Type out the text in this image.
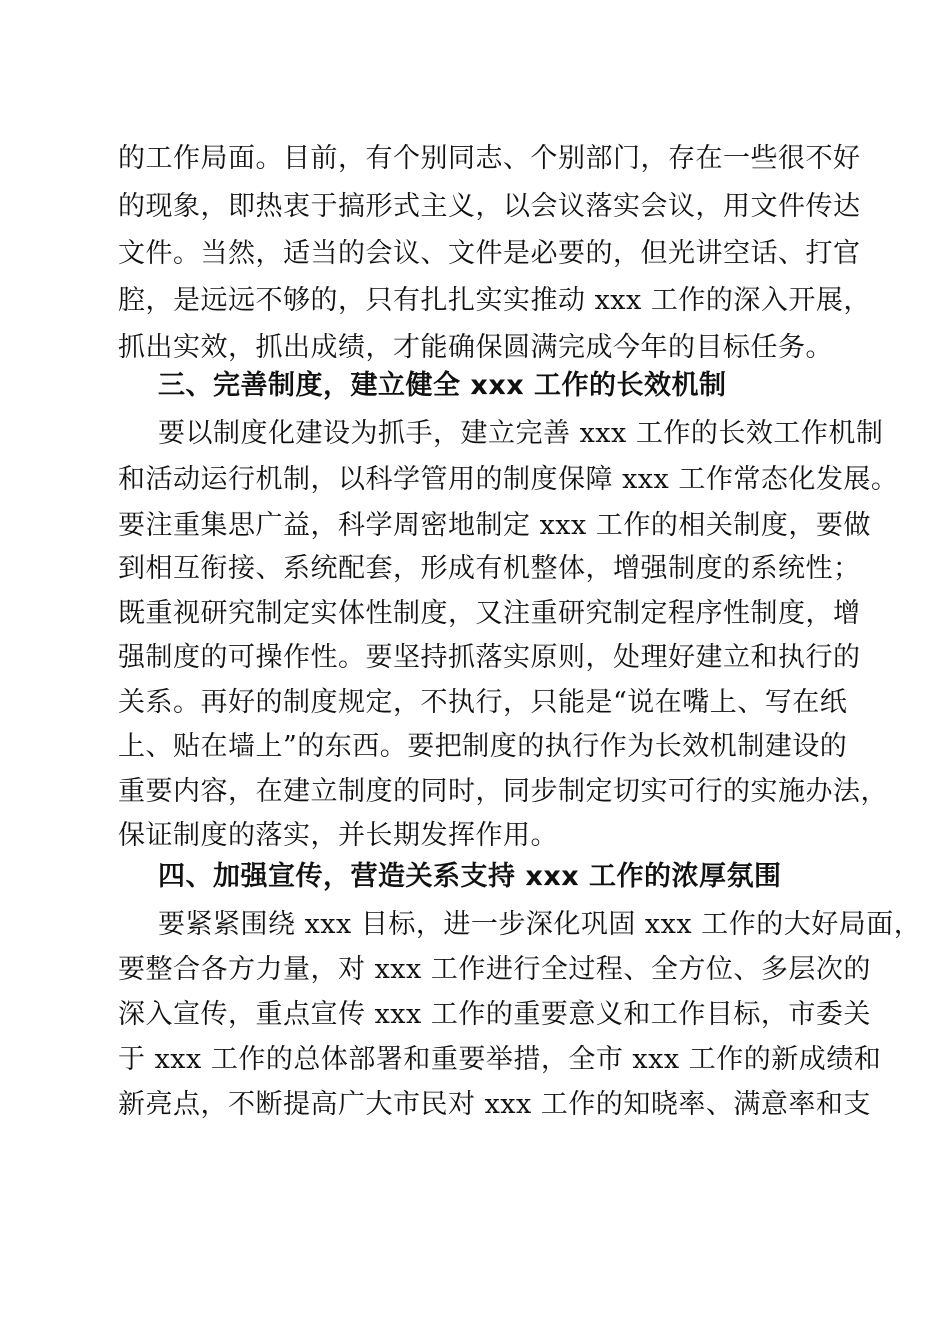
的工作局面。目前，有个别同志、个别部门，存在一些很不好
的现象，即热衷于搞形式主义，以会议落实会议，用文件传达
文件。当然，适当的会议、文件是必要的，但光讲空话、打官
腔，是远远不够的，只有扎扎实实推动 xxx 工作的深入开展，
抓出实效，抓出成绩，才能确保圆满完成今年的目标任务。
三、完善制度，建立健全 xxx 工作的长效机制
要以制度化建设为抓手，建立完善 xxx 工作的长效工作机制
和活动运行机制，以科学管用的制度保障 xxx 工作常态化发展。
要注重集思广益，科学周密地制定 xxx 工作的相关制度，要做
到相互衔接、系统配套，形成有机整体，增强制度的系统性；
既重视研究制定实体性制度，又注重研究制定程序性制度，增
强制度的可操作性。要坚持抓落实原则，处理好建立和执行的
关系。再好的制度规定，不执行，只能是“说在嘴上、写在纸
上、贴在墙上”的东西。要把制度的执行作为长效机制建设的
重要内容，在建立制度的同时，同步制定切实可行的实施办法，
保证制度的落实，并长期发挥作用。
四、加强宣传，营造关系支持 xxx 工作的浓厚氛围
要紧紧围绕 xxx 目标，进一步深化巩固 xxx 工作的大好局面，
要整合各方力量，对 xxx 工作进行全过程、全方位、多层次的
深入宣传，重点宣传 xxx 工作的重要意义和工作目标，市委关
于 xxx 工作的总体部署和重要举措，全市 xxx 工作的新成绩和
新亮点，不断提高广大市民对 xxx 工作的知晓率、满意率和支
